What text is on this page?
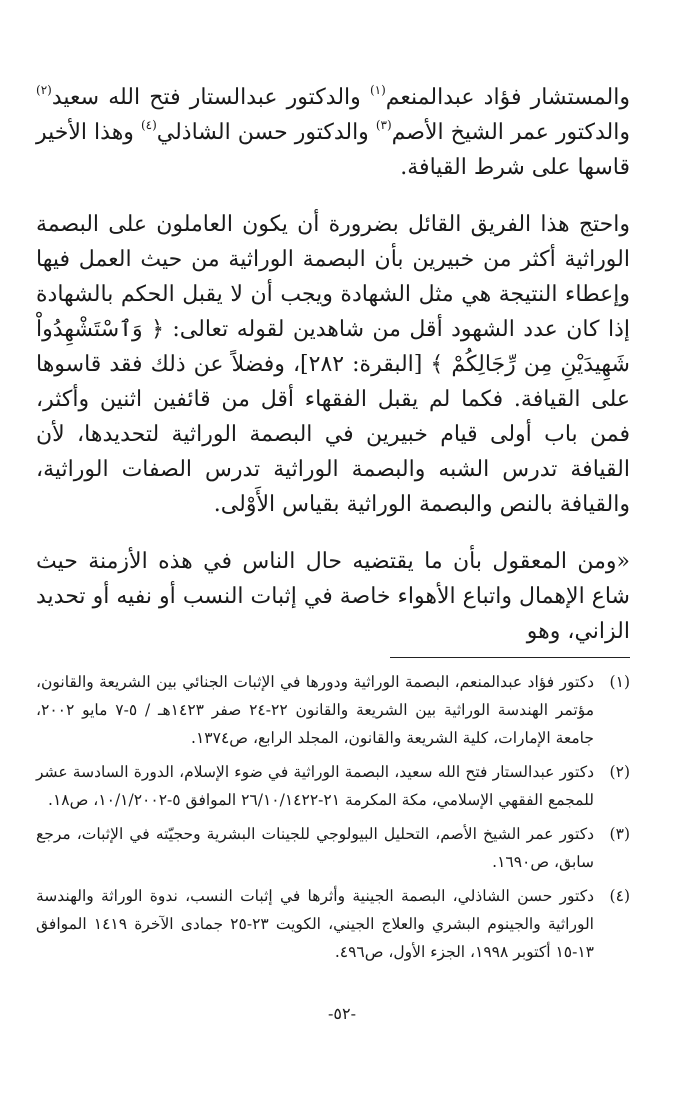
والمستشار فؤاد عبدالمنعم$^{(١)}$ والدكتور عبدالستار فتح الله سعيد$^{(٢)}$ والدكتور عمر الشيخ الأصم$^{(٣)}$ والدكتور حسن الشاذلي$^{(٤)}$ وهذا الأخير قاسها على شرط القيافة.

واحتج هذا الفريق القائل بضرورة أن يكون العاملون على البصمة الوراثية أكثر من خبيرين بأن البصمة الوراثية من حيث العمل فيها وإعطاء النتيجة هي مثل الشهادة ويجب أن لا يقبل الحكم بالشهادة إذا كان عدد الشهود أقل من شاهدين لقوله تعالى: ﴿ وَٱسْتَشْهِدُواْ شَهِيدَيْنِ مِن رِّجَالِكُمْ ﴾ [البقرة: ٢٨٢]، وفضلاً عن ذلك فقد قاسوها على القيافة. فكما لم يقبل الفقهاء أقل من قائفين اثنين وأكثر، فمن باب أولى قيام خبيرين في البصمة الوراثية لتحديدها، لأن القيافة تدرس الشبه والبصمة الوراثية تدرس الصفات الوراثية، والقيافة بالنص والبصمة الوراثية بقياس الأَوْلى.

«ومن المعقول بأن ما يقتضيه حال الناس في هذه الأزمنة حيث شاع الإهمال واتباع الأهواء خاصة في إثبات النسب أو نفيه أو تحديد الزاني، وهو

(١)
دكتور فؤاد عبدالمنعم، البصمة الوراثية ودورها في الإثبات الجنائي بين الشريعة والقانون، مؤتمر الهندسة الوراثية بين الشريعة والقانون ٢٢-٢٤ صفر ١٤٢٣هـ / ٥-٧ مايو ٢٠٠٢، جامعة الإمارات، كلية الشريعة والقانون، المجلد الرابع، ص١٣٧٤.

(٢)
دكتور عبدالستار فتح الله سعيد، البصمة الوراثية في ضوء الإسلام، الدورة السادسة عشر للمجمع الفقهي الإسلامي، مكة المكرمة ٢١-٢٦/١٠/١٤٢٢ الموافق ٥-١٠/١/٢٠٠٢، ص١٨.

(٣)
دكتور عمر الشيخ الأصم، التحليل البيولوجي للجينات البشرية وحجيّته في الإثبات، مرجع سابق، ص١٦٩٠.

(٤)
دكتور حسن الشاذلي، البصمة الجينية وأثرها في إثبات النسب، ندوة الوراثة والهندسة الوراثية والجينوم البشري والعلاج الجيني، الكويت ٢٣-٢٥ جمادى الآخرة ١٤١٩ الموافق ١٣-١٥ أكتوبر ١٩٩٨، الجزء الأول، ص٤٩٦.

-٥٢-
